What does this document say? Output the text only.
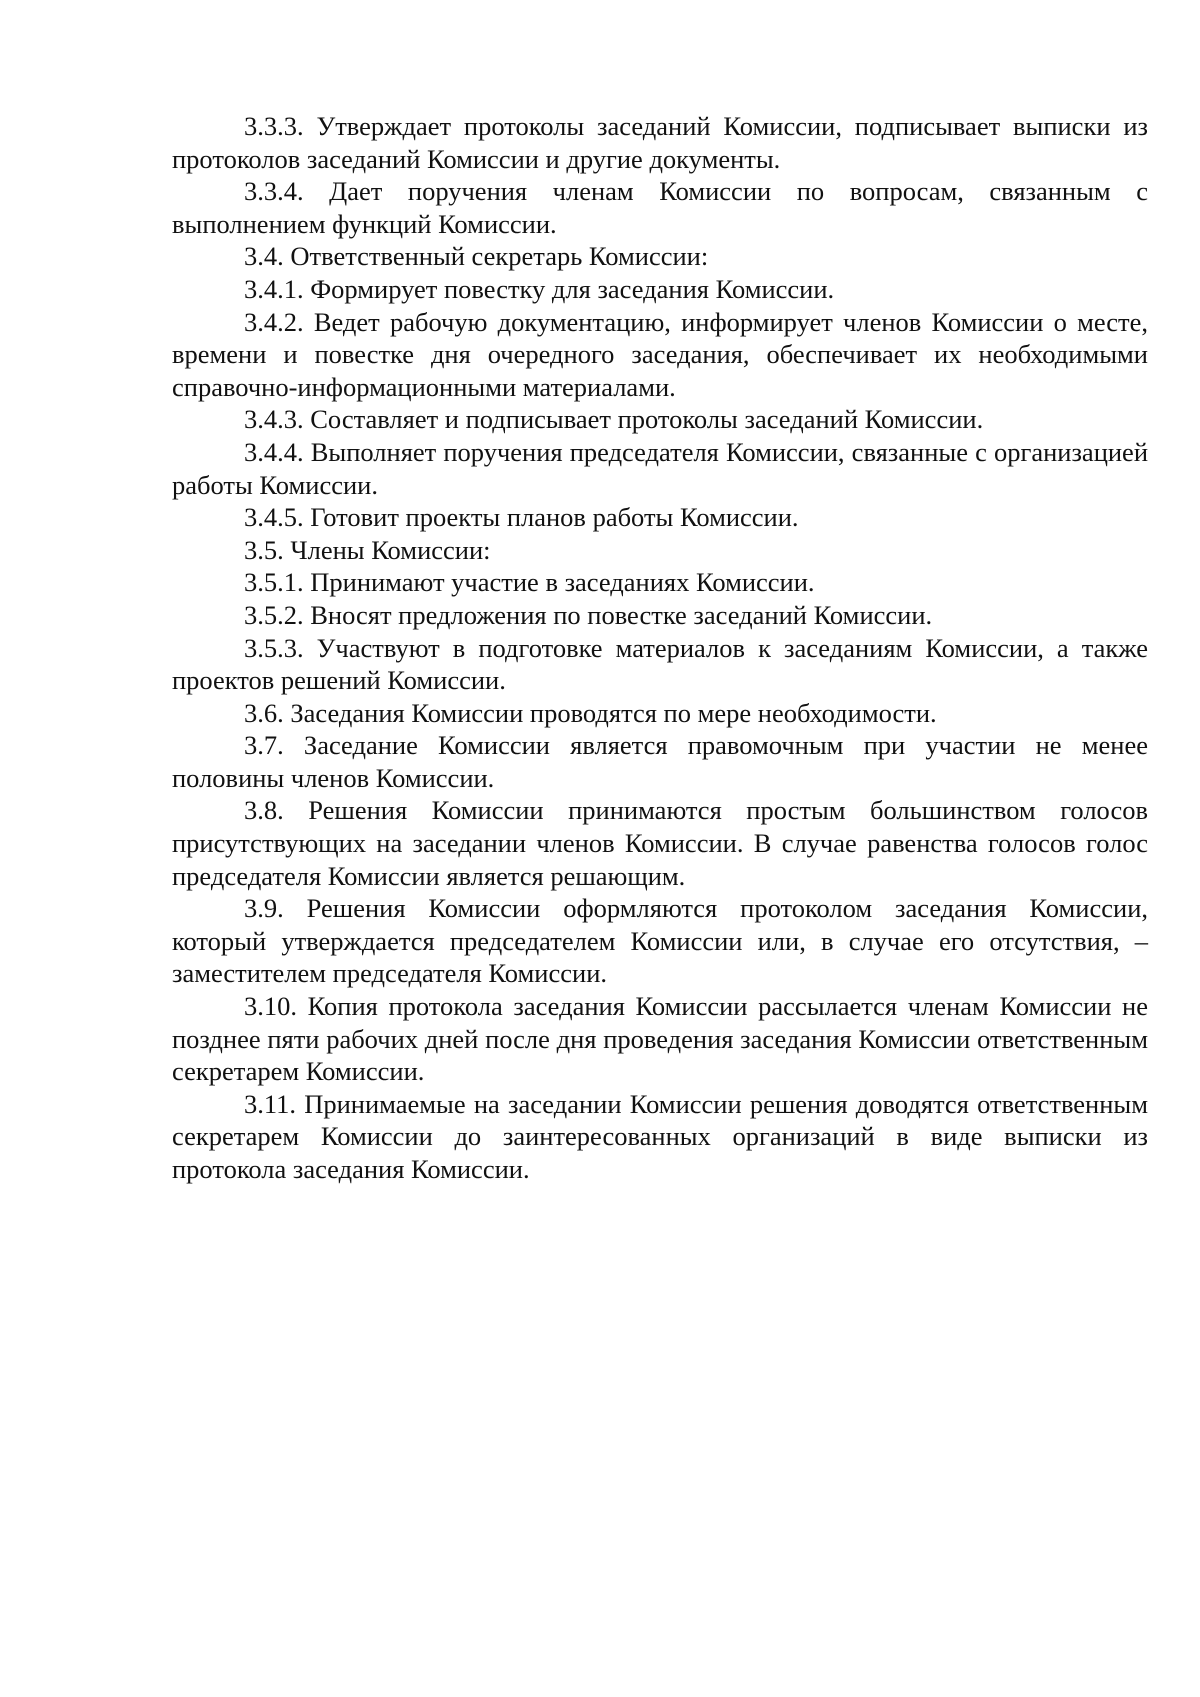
3.3.3. Утверждает протоколы заседаний Комиссии, подписывает выписки из протоколов заседаний Комиссии и другие документы.

3.3.4. Дает поручения членам Комиссии по вопросам, связанным с выполнением функций Комиссии.

3.4. Ответственный секретарь Комиссии:

3.4.1. Формирует повестку для заседания Комиссии.

3.4.2. Ведет рабочую документацию, информирует членов Комиссии о месте, времени и повестке дня очередного заседания, обеспечивает их необходимыми справочно-информационными материалами.

3.4.3. Составляет и подписывает протоколы заседаний Комиссии.

3.4.4. Выполняет поручения председателя Комиссии, связанные с организацией работы Комиссии.

3.4.5. Готовит проекты планов работы Комиссии.

3.5. Члены Комиссии:

3.5.1. Принимают участие в заседаниях Комиссии.

3.5.2. Вносят предложения по повестке заседаний Комиссии.

3.5.3. Участвуют в подготовке материалов к заседаниям Комиссии, а также проектов решений Комиссии.

3.6. Заседания Комиссии проводятся по мере необходимости.

3.7. Заседание Комиссии является правомочным при участии не менее половины членов Комиссии.

3.8. Решения Комиссии принимаются простым большинством голосов присутствующих на заседании членов Комиссии. В случае равенства голосов голос председателя Комиссии является решающим.

3.9. Решения Комиссии оформляются протоколом заседания Комиссии, который утверждается председателем Комиссии или, в случае его отсутствия, – заместителем председателя Комиссии.

3.10. Копия протокола заседания Комиссии рассылается членам Комиссии не позднее пяти рабочих дней после дня проведения заседания Комиссии ответственным секретарем Комиссии.

3.11. Принимаемые на заседании Комиссии решения доводятся ответственным секретарем Комиссии до заинтересованных организаций в виде выписки из протокола заседания Комиссии.
